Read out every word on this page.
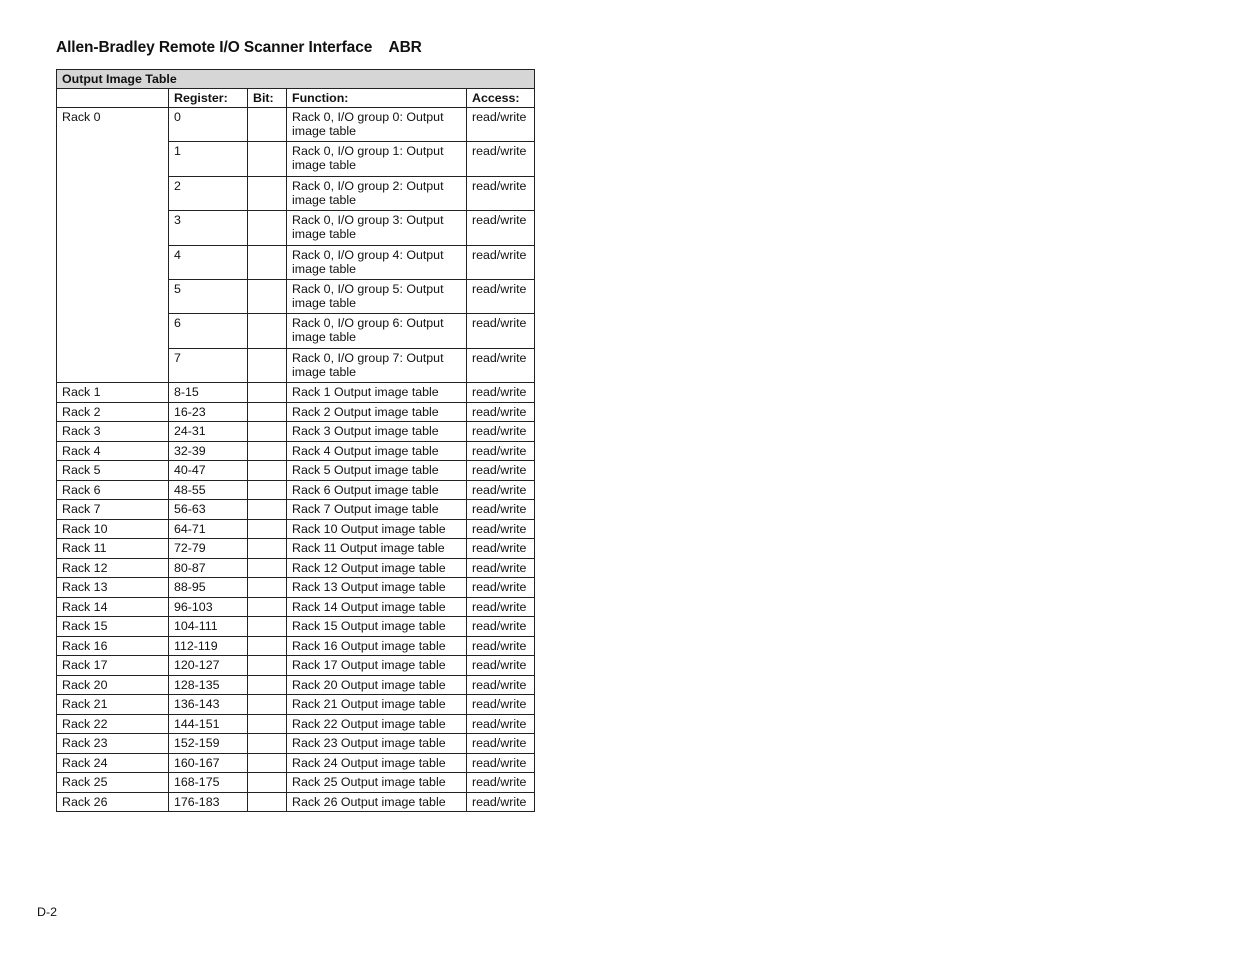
Allen-Bradley Remote I/O Scanner Interface    ABR
Output Image Table				
	Register:	Bit:	Function:	Access:
Rack 0	0		Rack 0, I/O group 0: Output image table	read/write
	1		Rack 0, I/O group 1: Output image table	read/write
	2		Rack 0, I/O group 2: Output image table	read/write
	3		Rack 0, I/O group 3: Output image table	read/write
	4		Rack 0, I/O group 4: Output image table	read/write
	5		Rack 0, I/O group 5: Output image table	read/write
	6		Rack 0, I/O group 6: Output image table	read/write
	7		Rack 0, I/O group 7: Output image table	read/write
Rack 1	8-15		Rack 1 Output image table	read/write
Rack 2	16-23		Rack 2 Output image table	read/write
Rack 3	24-31		Rack 3 Output image table	read/write
Rack 4	32-39		Rack 4 Output image table	read/write
Rack 5	40-47		Rack 5 Output image table	read/write
Rack 6	48-55		Rack 6 Output image table	read/write
Rack 7	56-63		Rack 7 Output image table	read/write
Rack 10	64-71		Rack 10 Output image table	read/write
Rack 11	72-79		Rack 11 Output image table	read/write
Rack 12	80-87		Rack 12 Output image table	read/write
Rack 13	88-95		Rack 13 Output image table	read/write
Rack 14	96-103		Rack 14 Output image table	read/write
Rack 15	104-111		Rack 15 Output image table	read/write
Rack 16	112-119		Rack 16 Output image table	read/write
Rack 17	120-127		Rack 17 Output image table	read/write
Rack 20	128-135		Rack 20 Output image table	read/write
Rack 21	136-143		Rack 21 Output image table	read/write
Rack 22	144-151		Rack 22 Output image table	read/write
Rack 23	152-159		Rack 23 Output image table	read/write
Rack 24	160-167		Rack 24 Output image table	read/write
Rack 25	168-175		Rack 25 Output image table	read/write
Rack 26	176-183		Rack 26 Output image table	read/write
D-2
